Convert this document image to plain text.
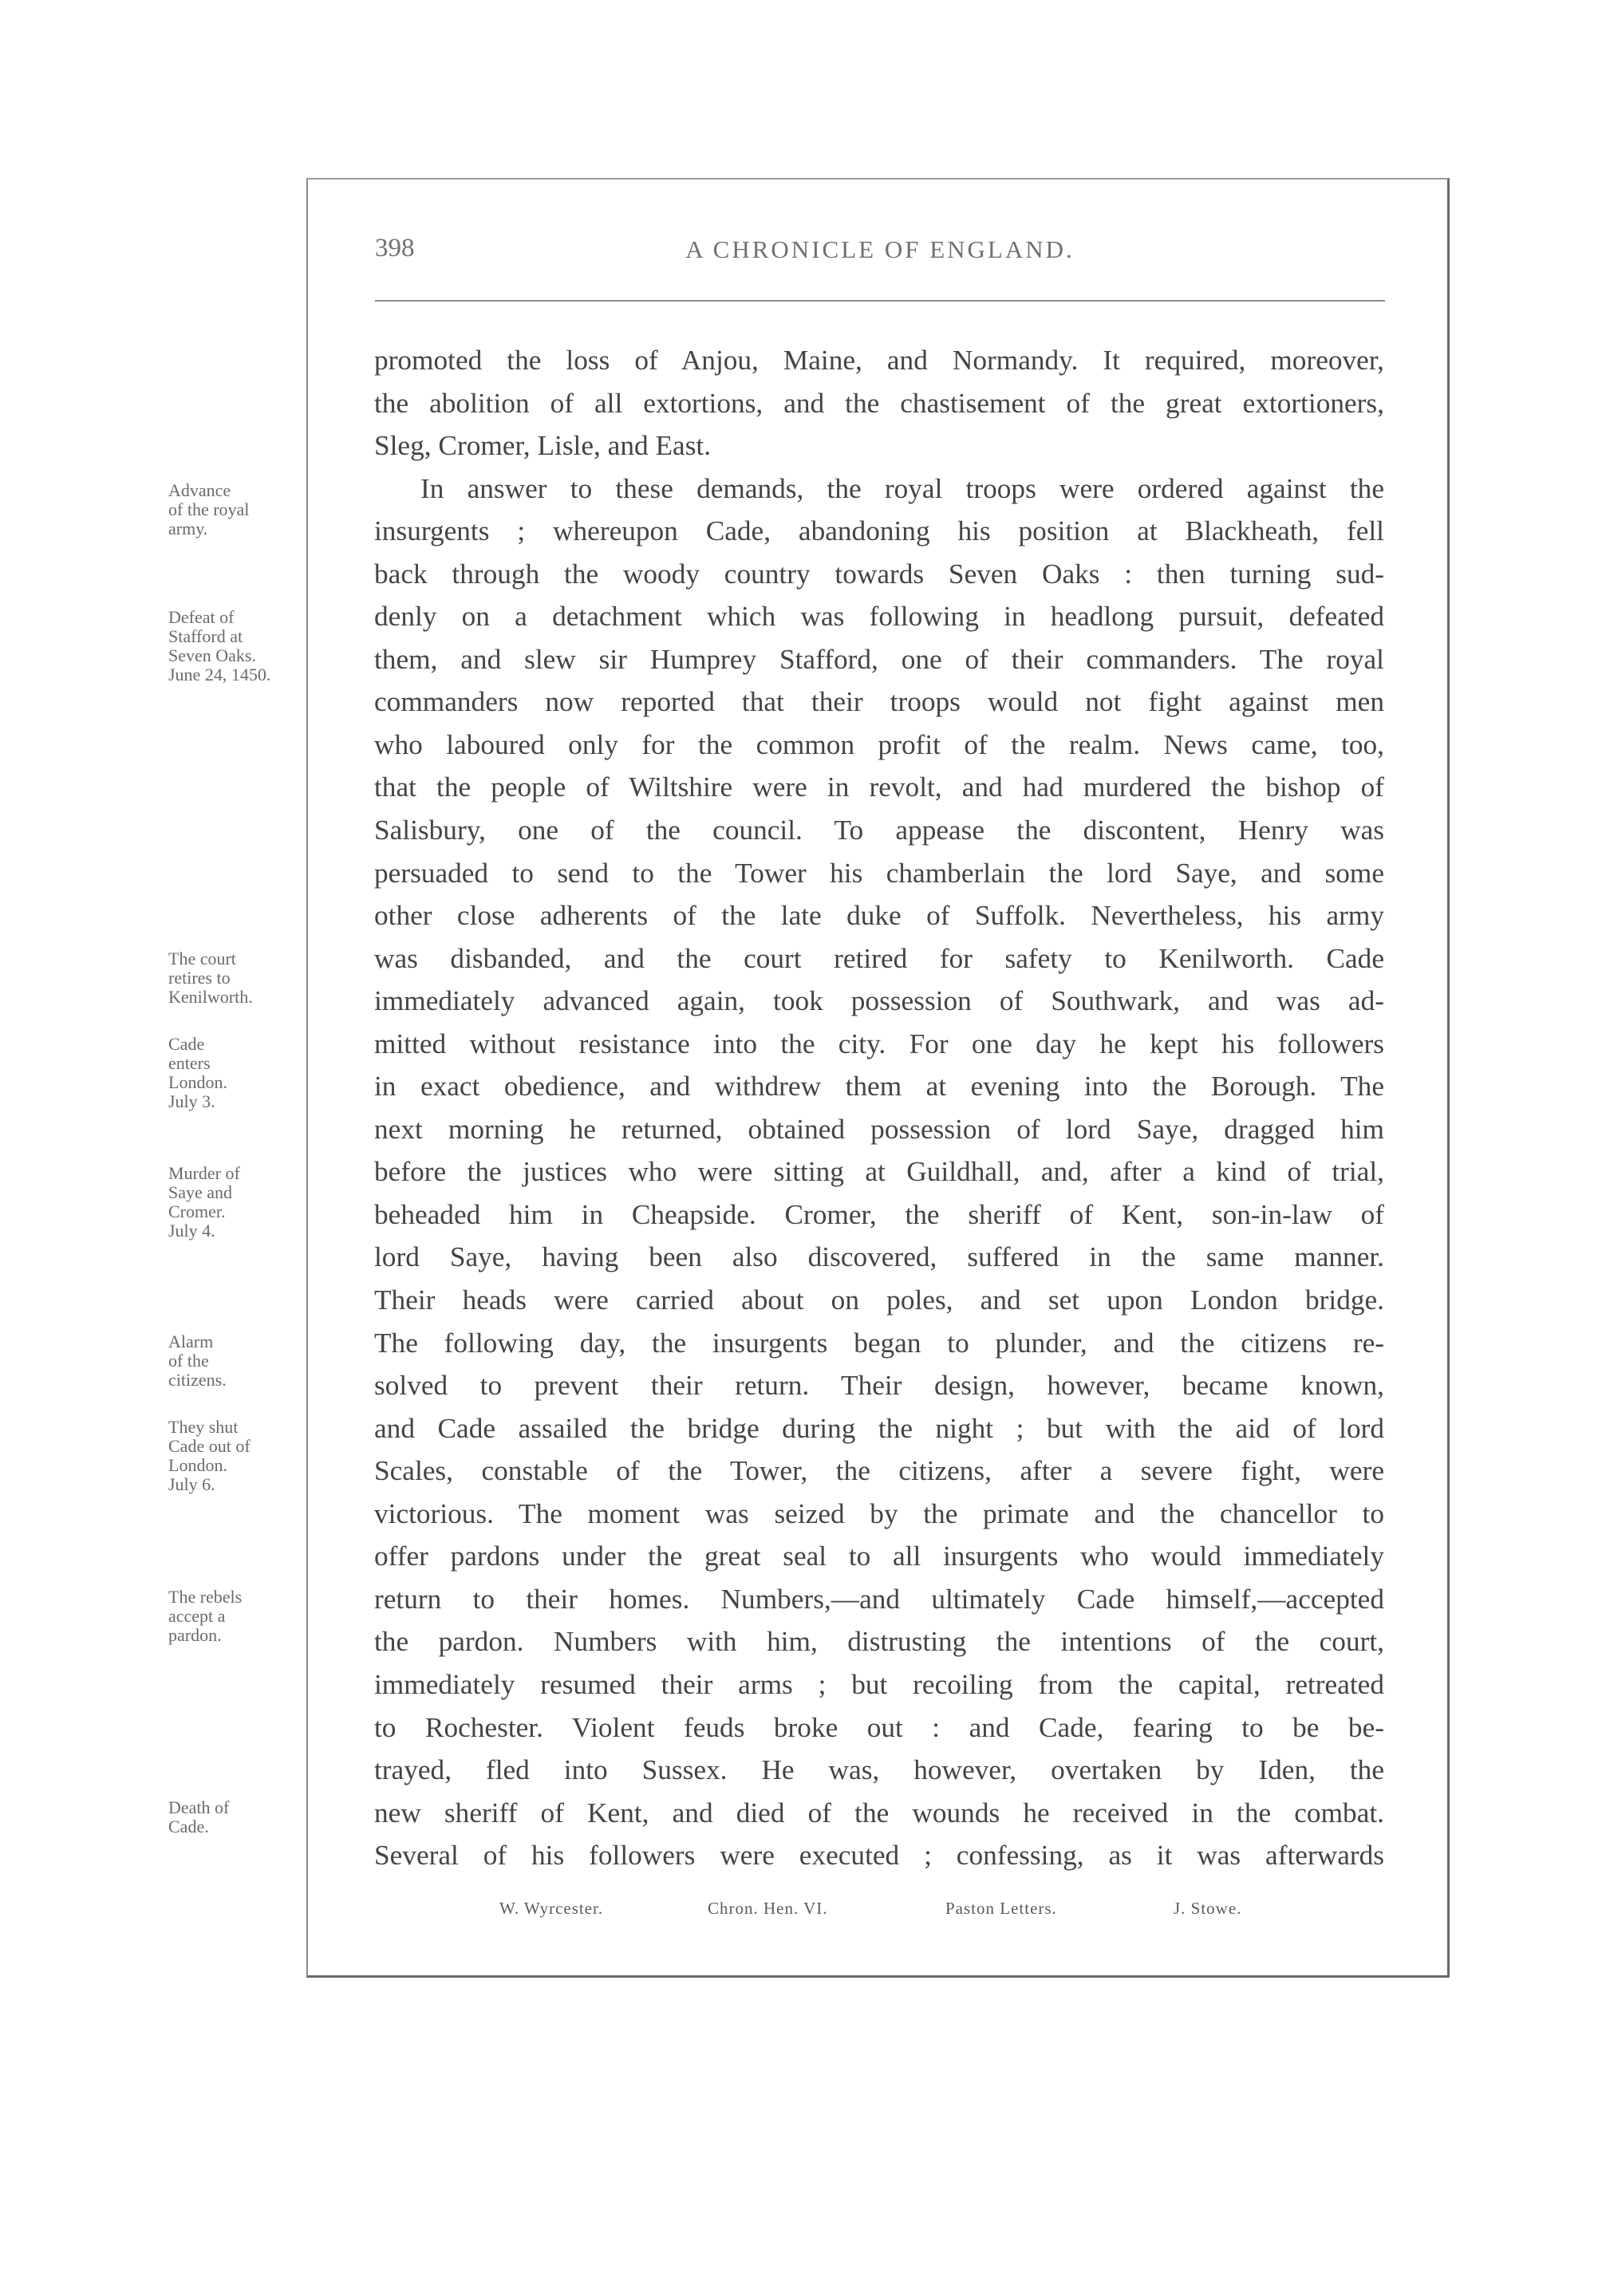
398	A CHRONICLE OF ENGLAND.
promoted the loss of Anjou, Maine, and Normandy. It required, moreover,
the abolition of all extortions, and the chastisement of the great extortioners,
Sleg, Cromer, Lisle, and East.
In answer to these demands, the royal troops were ordered against the
insurgents ; whereupon Cade, abandoning his position at Blackheath, fell
back through the woody country towards Seven Oaks : then turning sud-
denly on a detachment which was following in headlong pursuit, defeated
them, and slew sir Humprey Stafford, one of their commanders. The royal
commanders now reported that their troops would not fight against men
who laboured only for the common profit of the realm. News came, too,
that the people of Wiltshire were in revolt, and had murdered the bishop of
Salisbury, one of the council. To appease the discontent, Henry was
persuaded to send to the Tower his chamberlain the lord Saye, and some
other close adherents of the late duke of Suffolk. Nevertheless, his army
was disbanded, and the court retired for safety to Kenilworth. Cade
immediately advanced again, took possession of Southwark, and was ad-
mitted without resistance into the city. For one day he kept his followers
in exact obedience, and withdrew them at evening into the Borough. The
next morning he returned, obtained possession of lord Saye, dragged him
before the justices who were sitting at Guildhall, and, after a kind of trial,
beheaded him in Cheapside. Cromer, the sheriff of Kent, son-in-law of
lord Saye, having been also discovered, suffered in the same manner.
Their heads were carried about on poles, and set upon London bridge.
The following day, the insurgents began to plunder, and the citizens re-
solved to prevent their return. Their design, however, became known,
and Cade assailed the bridge during the night ; but with the aid of lord
Scales, constable of the Tower, the citizens, after a severe fight, were
victorious. The moment was seized by the primate and the chancellor to
offer pardons under the great seal to all insurgents who would immediately
return to their homes. Numbers,—and ultimately Cade himself,—accepted
the pardon. Numbers with him, distrusting the intentions of the court,
immediately resumed their arms ; but recoiling from the capital, retreated
to Rochester. Violent feuds broke out : and Cade, fearing to be be-
trayed, fled into Sussex. He was, however, overtaken by Iden, the
new sheriff of Kent, and died of the wounds he received in the combat.
Several of his followers were executed ; confessing, as it was afterwards
Advance
of the royal
army.
Defeat of
Stafford at
Seven Oaks.
June 24, 1450.
The court
retires to
Kenilworth.
Cade
enters
London.
July 3.
Murder of
Saye and
Cromer.
July 4.
Alarm
of the
citizens.
They shut
Cade out of
London.
July 6.
The rebels
accept a
pardon.
Death of
Cade.
W. Wyrcester.	Chron. Hen. VI.	Paston Letters.	J. Stowe.
